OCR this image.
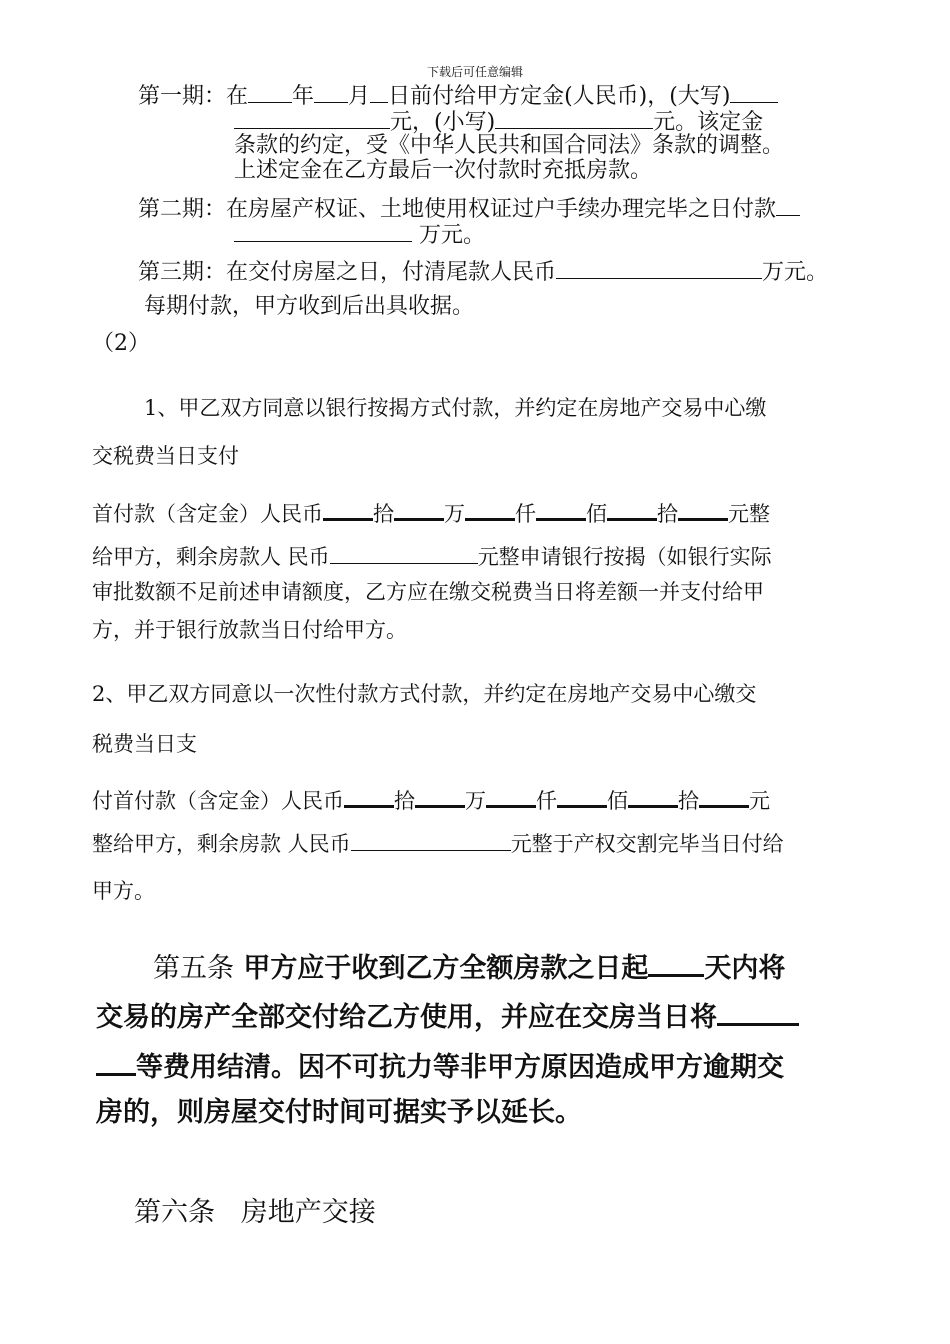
下载后可任意编辑
第一期：在 年 月 日前付给甲方定金(人民币)，(大写)
元，(小写)	元。该定金
条款的约定，受《中华人民共和国合同法》条款的调整。
上述定金在乙方最后一次付款时充抵房款。
第二期：在房屋产权证、土地使用权证过户手续办理完毕之日付款
万元。
第三期：在交付房屋之日，付清尾款人民币	万元。
每期付款，甲方收到后出具收据。
（2）
1、甲乙双方同意以银行按揭方式付款，并约定在房地产交易中心缴
交税费当日支付
首付款（含定金）人民币 拾 万 仟 佰 拾 元整
给甲方，剩余房款人 民币	元整申请银行按揭（如银行实际
审批数额不足前述申请额度，乙方应在缴交税费当日将差额一并支付给甲
方，并于银行放款当日付给甲方。
2、甲乙双方同意以一次性付款方式付款，并约定在房地产交易中心缴交
税费当日支
付首付款（含定金）人民币 拾 万 仟 佰 拾 元
整给甲方，剩余房款 人民币	元整于产权交割完毕当日付给
甲方。
第五条 甲方应于收到乙方全额房款之日起 天内将
交易的房产全部交付给乙方使用，并应在交房当日将
等费用结清。因不可抗力等非甲方原因造成甲方逾期交
房的，则房屋交付时间可据实予以延长。
第六条 房地产交接
